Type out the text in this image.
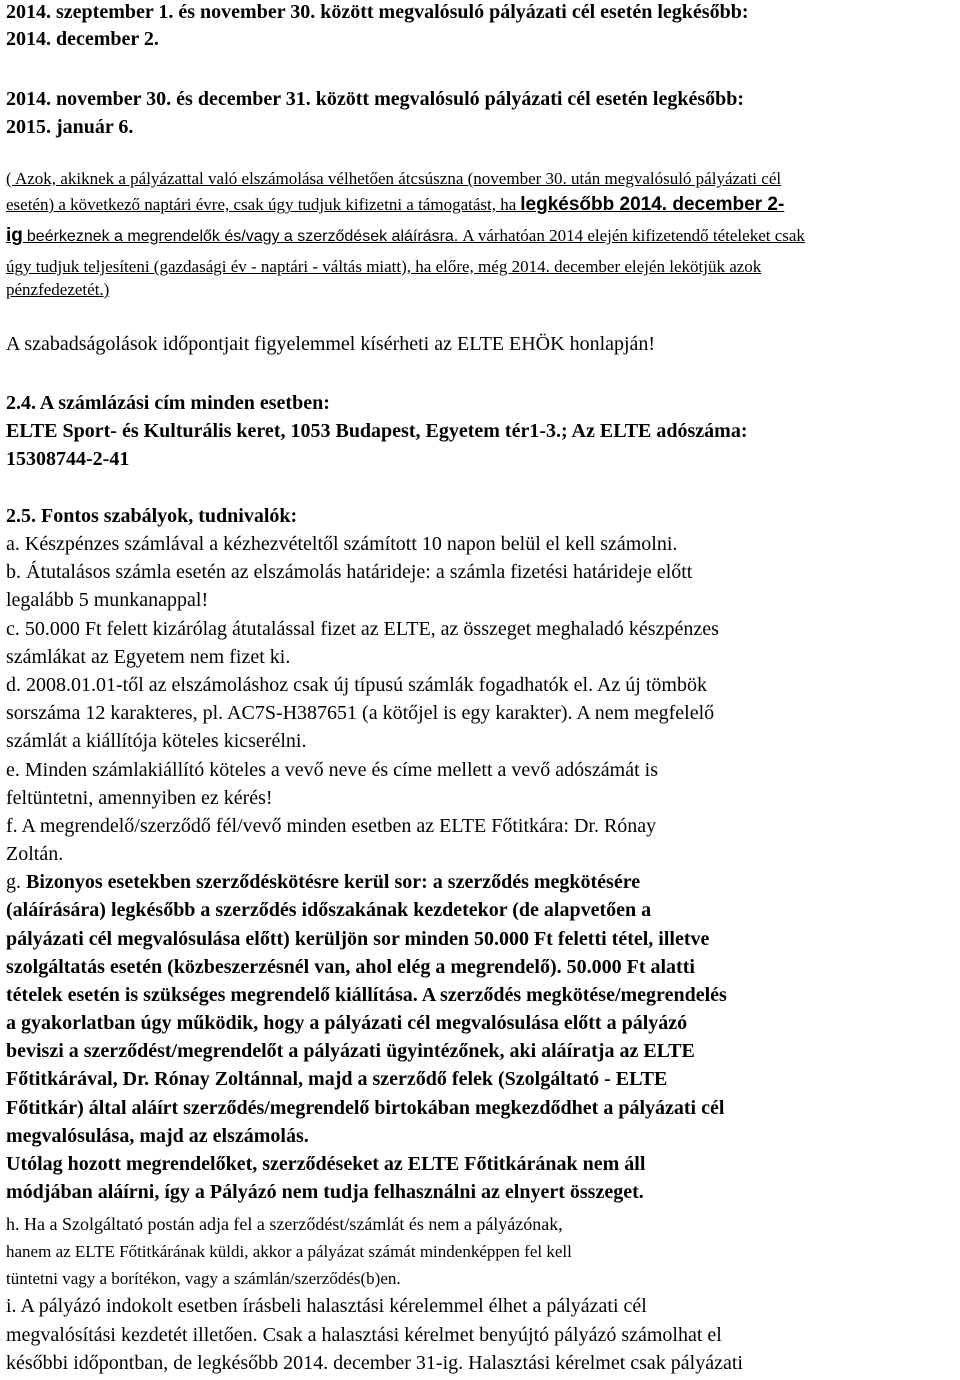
2014. szeptember 1. és november 30. között megvalósuló pályázati cél esetén legkésőbb:
2014. december 2.
2014. november 30. és december 31. között megvalósuló pályázati cél esetén legkésőbb:
2015. január 6.
( Azok, akiknek a pályázattal való elszámolása vélhetően átcsúszna (november 30. után megvalósuló pályázati cél
esetén) a következő naptári évre, csak úgy tudjuk kifizetni a támogatást, ha legkésőbb 2014. december 2-
ig beérkeznek a megrendelők és/vagy a szerződések aláírásra. A várhatóan 2014 elején kifizetendő tételeket csak
úgy tudjuk teljesíteni (gazdasági év - naptári - váltás miatt), ha előre, még 2014. december elején lekötjük azok
pénzfedezetét.)
A szabadságolások időpontjait figyelemmel kísérheti az ELTE EHÖK honlapján!
2.4. A számlázási cím minden esetben:
ELTE Sport- és Kulturális keret, 1053 Budapest, Egyetem tér1-3.; Az ELTE adószáma:
15308744-2-41
2.5. Fontos szabályok, tudnivalók:
a. Készpénzes számlával a kézhezvételtől számított 10 napon belül el kell számolni.
b. Átutalásos számla esetén az elszámolás határideje: a számla fizetési határideje előtt
legalább 5 munkanappal!
c. 50.000 Ft felett kizárólag átutalással fizet az ELTE, az összeget meghaladó készpénzes
számlákat az Egyetem nem fizet ki.
d. 2008.01.01-től az elszámoláshoz csak új típusú számlák fogadhatók el. Az új tömbök
sorszáma 12 karakteres, pl. AC7S-H387651 (a kötőjel is egy karakter). A nem megfelelő
számlát a kiállítója köteles kicserélni.
e. Minden számlakiállító köteles a vevő neve és címe mellett a vevő adószámát is
feltüntetni, amennyiben ez kérés!
f. A megrendelő/szerződő fél/vevő minden esetben az ELTE Főtitkára: Dr. Rónay
Zoltán.
g. Bizonyos esetekben szerződéskötésre kerül sor: a szerződés megkötésére
(aláírására) legkésőbb a szerződés időszakának kezdetekor (de alapvetően a
pályázati cél megvalósulása előtt) kerüljön sor minden 50.000 Ft feletti tétel, illetve
szolgáltatás esetén (közbeszerzésnél van, ahol elég a megrendelő). 50.000 Ft alatti
tételek esetén is szükséges megrendelő kiállítása. A szerződés megkötése/megrendelés
a gyakorlatban úgy működik, hogy a pályázati cél megvalósulása előtt a pályázó
beviszi a szerződést/megrendelőt a pályázati ügyintézőnek, aki aláíratja az ELTE
Főtitkárával, Dr. Rónay Zoltánnal, majd a szerződő felek (Szolgáltató - ELTE
Főtitkár) által aláírt szerződés/megrendelő birtokában megkezdődhet a pályázati cél
megvalósulása, majd az elszámolás.
Utólag hozott megrendelőket, szerződéseket az ELTE Főtitkárának nem áll
módjában aláírni, így a Pályázó nem tudja felhasználni az elnyert összeget.
h. Ha a Szolgáltató postán adja fel a szerződést/számlát és nem a pályázónak,
hanem az ELTE Főtitkárának küldi, akkor a pályázat számát mindenképpen fel kell
tüntetni vagy a borítékon, vagy a számlán/szerződés(b)en.
i. A pályázó indokolt esetben írásbeli halasztási kérelemmel élhet a pályázati cél
megvalósítási kezdetét illetően. Csak a halasztási kérelmet benyújtó pályázó számolhat el
későbbi időpontban, de legkésőbb 2014. december 31-ig. Halasztási kérelmet csak pályázati
